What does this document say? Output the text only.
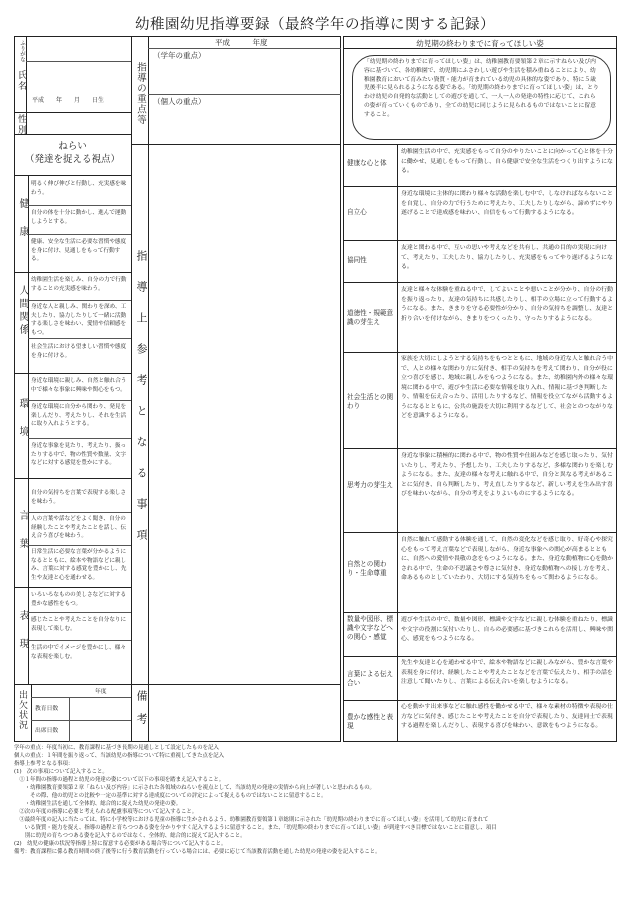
幼稚園幼児指導要録（最終学年の指導に関する記録）
ふりがな
氏名
平成　　年　　月　　日生
性別
ねらい
（発達を捉える視点）
健康
人間関係
環境
言葉
表現
明るく伸び伸びと行動し、充実感を味わう。
自分の体を十分に動かし、進んで運動しようとする。
健康、安全な生活に必要な習慣や態度を身に付け、見通しをもって行動する。
幼稚園生活を楽しみ、自分の力で行動することの充実感を味わう。
身近な人と親しみ、関わりを深め、工夫したり、協力したりして一緒に活動する楽しさを味わい、愛情や信頼感をもつ。
社会生活における望ましい習慣や態度を身に付ける。
身近な環境に親しみ、自然と触れ合う中で様々な事象に興味や関心をもつ。
身近な環境に自分から関わり、発見を楽しんだり、考えたりし、それを生活に取り入れようとする。
身近な事象を見たり、考えたり、扱ったりする中で、物の性質や数量、文字などに対する感覚を豊かにする。
自分の気持ちを言葉で表現する楽しさを味わう。
人の言葉や話などをよく聞き、自分の経験したことや考えたことを話し、伝え合う喜びを味わう。
日常生活に必要な言葉が分かるようになるとともに、絵本や物語などに親しみ、言葉に対する感覚を豊かにし、先生や友達と心を通わせる。
いろいろなものの美しさなどに対する豊かな感性をもつ。
感じたことや考えたことを自分なりに表現して楽しむ。
生活の中でイメージを豊かにし、様々な表現を楽しむ。
出欠状況	年度
教育日数
出席日数
平成　　　年度
指導の重点等
（学年の重点）
（個人の重点）
指導上参考となる事項
備考
幼児期の終わりまでに育ってほしい姿
「幼児期の終わりまでに育ってほしい姿」は、幼稚園教育要領第２章に示すねらい及び内容に基づいて、各幼稚園で、幼児期にふさわしい遊びや生活を積み重ねることにより、幼稚園教育において育みたい資質・能力が育まれている幼児の具体的な姿であり、特に５歳児後半に見られるようになる姿である。「幼児期の終わりまでに育ってほしい姿」は、とりわけ幼児の自発的な活動としての遊びを通して、一人一人の発達の特性に応じて、これらの姿が育っていくものであり、全ての幼児に同じように見られるものではないことに留意すること。
健康な心と体
幼稚園生活の中で、充実感をもって自分のやりたいことに向かって心と体を十分に働かせ、見通しをもって行動し、自ら健康で安全な生活をつくり出すようになる。
自立心
身近な環境に主体的に関わり様々な活動を楽しむ中で、しなければならないことを自覚し、自分の力で行うために考えたり、工夫したりしながら、諦めずにやり遂げることで達成感を味わい、自信をもって行動するようになる。
協同性
友達と関わる中で、互いの思いや考えなどを共有し、共通の目的の実現に向けて、考えたり、工夫したり、協力したりし、充実感をもってやり遂げるようになる。
道徳性・規範意識の芽生え
友達と様々な体験を重ねる中で、してよいことや悪いことが分かり、自分の行動を振り返ったり、友達の気持ちに共感したりし、相手の立場に立って行動するようになる。また、きまりを守る必要性が分かり、自分の気持ちを調整し、友達と折り合いを付けながら、きまりをつくったり、守ったりするようになる。
社会生活との関わり
家族を大切にしようとする気持ちをもつとともに、地域の身近な人と触れ合う中で、人との様々な関わり方に気付き、相手の気持ちを考えて関わり、自分が役に立つ喜びを感じ、地域に親しみをもつようになる。また、幼稚園内外の様々な環境に関わる中で、遊びや生活に必要な情報を取り入れ、情報に基づき判断したり、情報を伝え合ったり、活用したりするなど、情報を役立てながら活動するようになるとともに、公共の施設を大切に利用するなどして、社会とのつながりなどを意識するようになる。
思考力の芽生え
身近な事象に積極的に関わる中で、物の性質や仕組みなどを感じ取ったり、気付いたりし、考えたり、予想したり、工夫したりするなど、多様な関わりを楽しむようになる。また、友達の様々な考えに触れる中で、自分と異なる考えがあることに気付き、自ら判断したり、考え直したりするなど、新しい考えを生み出す喜びを味わいながら、自分の考えをよりよいものにするようになる。
自然との関わり・生命尊重
自然に触れて感動する体験を通して、自然の変化などを感じ取り、好奇心や探究心をもって考え言葉などで表現しながら、身近な事象への関心が高まるとともに、自然への愛情や畏敬の念をもつようになる。また、身近な動植物に心を動かされる中で、生命の不思議さや尊さに気付き、身近な動植物への接し方を考え、命あるものとしていたわり、大切にする気持ちをもって関わるようになる。
数量や図形、標識や文字などへの関心・感覚
遊びや生活の中で、数量や図形、標識や文字などに親しむ体験を重ねたり、標識や文字の役割に気付いたりし、自らの必要感に基づきこれらを活用し、興味や関心、感覚をもつようになる。
言葉による伝え合い
先生や友達と心を通わせる中で、絵本や物語などに親しみながら、豊かな言葉や表現を身に付け、経験したことや考えたことなどを言葉で伝えたり、相手の話を注意して聞いたりし、言葉による伝え合いを楽しむようになる。
豊かな感性と表現
心を動かす出来事などに触れ感性を働かせる中で、様々な素材の特徴や表現の仕方などに気付き、感じたことや考えたことを自分で表現したり、友達同士で表現する過程を楽しんだりし、表現する喜びを味わい、意欲をもつようになる。
学年の重点：年度当初に、教育課程に基づき長期の見通しとして設定したものを記入
個人の重点：１年間を振り返って、当該幼児の指導について特に重視してきた点を記入
指導上参考となる事項：
(1)　次の事項について記入すること。
　①１年間の指導の過程と幼児の発達の姿について以下の事項を踏まえ記入すること。
　　・幼稚園教育要領第２章「ねらい及び内容」に示された各領域のねらいを視点として、当該幼児の発達の実情から向上が著しいと思われるもの。
　　　その際、他の幼児との比較や一定の基準に対する達成度についての評定によって捉えるものではないことに留意すること。
　　・幼稚園生活を通して全体的、総合的に捉えた幼児の発達の姿。
　②次の年度の指導に必要と考えられる配慮事項等について記入すること。
　③最終年度の記入に当たっては、特に小学校等における児童の指導に生かされるよう、幼稚園教育要領第１章総則に示された「幼児期の終わりまでに育ってほしい姿」を活用して幼児に育まれて
　　いる資質・能力を捉え、指導の過程と育ちつつある姿を分かりやすく記入するように留意すること。また、「幼児期の終わりまでに育ってほしい姿」が到達すべき目標ではないことに留意し、項目
　　別に幼児の育ちつつある姿を記入するのではなく、全体的、総合的に捉えて記入すること。
(2)　幼児の健康の状況等指導上特に留意する必要がある場合等について記入すること。
備考：教育課程に係る教育時間の終了後等に行う教育活動を行っている場合には、必要に応じて当該教育活動を通した幼児の発達の姿を記入すること。
